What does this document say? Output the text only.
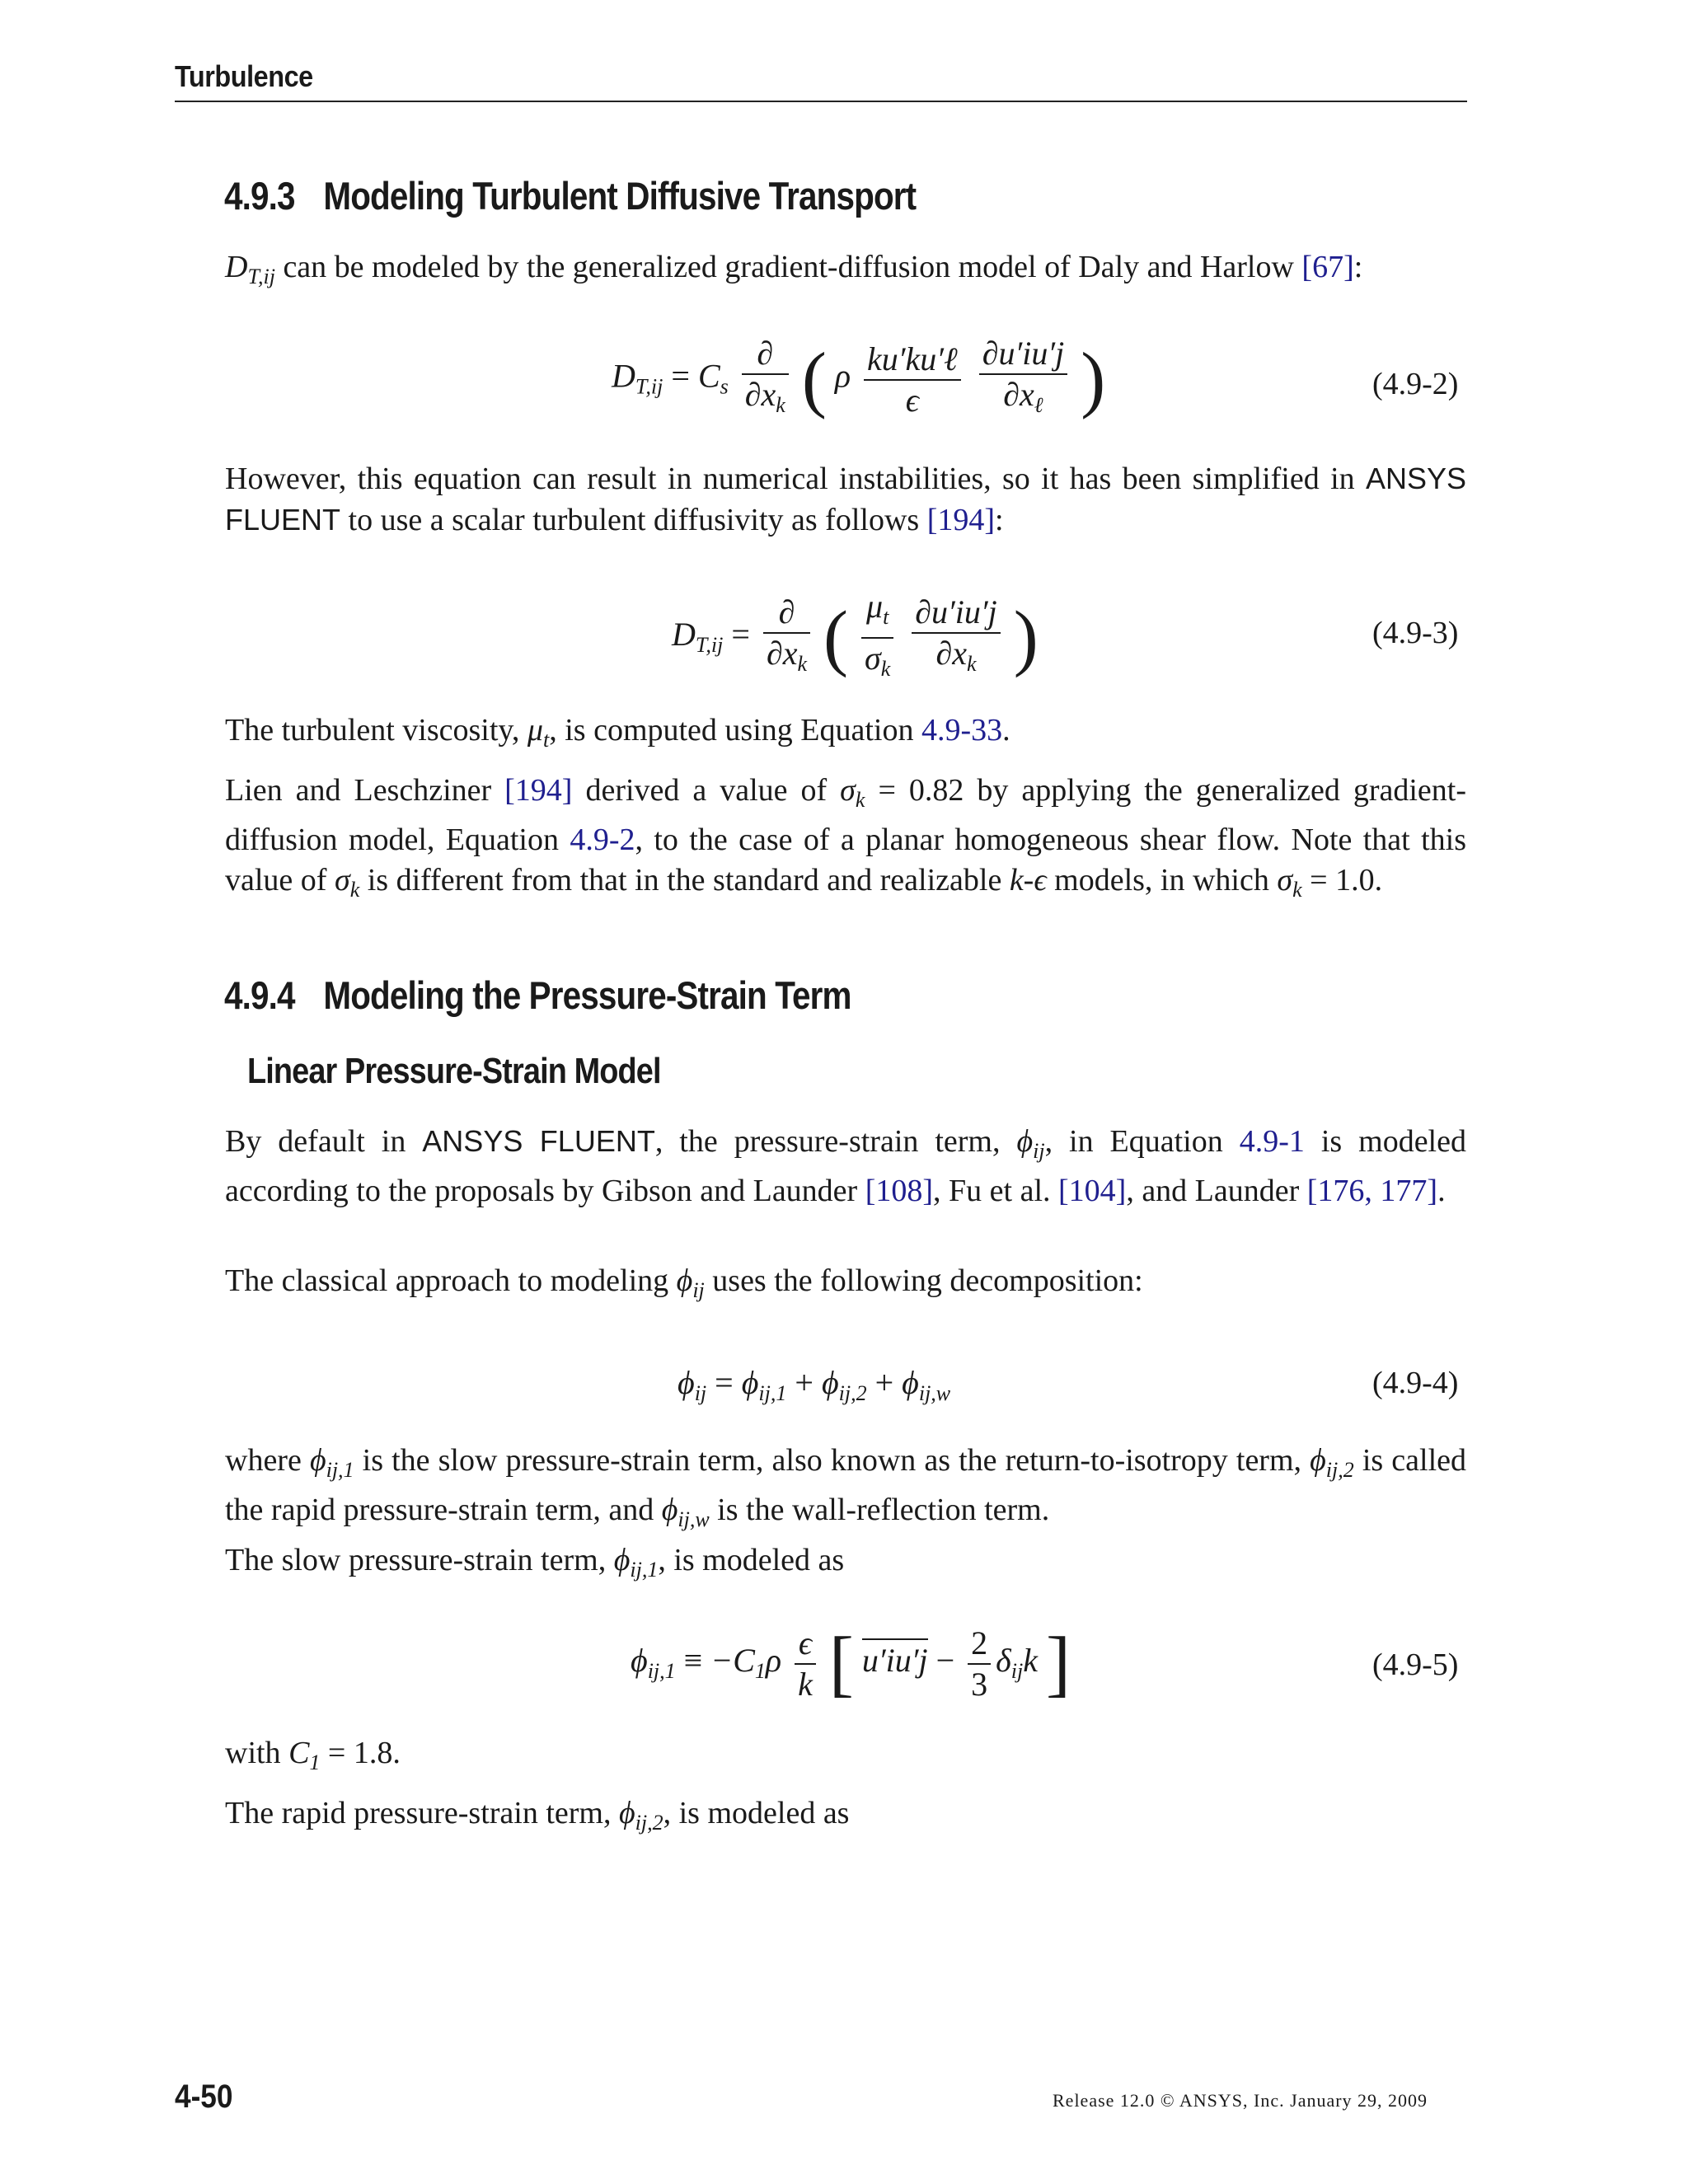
Turbulence
4.9.3 Modeling Turbulent Diffusive Transport
$D_{T,ij}$ can be modeled by the generalized gradient-diffusion model of Daly and Harlow [67]:
$D_{T,ij} = C_s \frac{\partial}{\partial x_k}$ ( ρ $\frac{\text{ku′ku′ℓ}}{\epsilon}$
$\frac{\partial u'iu'j}{\partial x_\ell}$ )	(4.9-2)
However, this equation can result in numerical instabilities, so it has been simplified in ANSYS FLUENT to use a scalar turbulent diffusivity as follows [194]:
$D_{T,ij} = \frac{\partial}{\partial x_k}$ ( $\frac{\mu_t}{\sigma_k}$
$\frac{\partial u'iu'j}{\partial x_k}$ )	(4.9-3)
The turbulent viscosity, $\mu_t$, is computed using Equation 4.9-33.
Lien and Leschziner [194] derived a value of $\sigma_k = 0.82$ by applying the generalized gradient-diffusion model, Equation 4.9-2, to the case of a planar homogeneous shear flow. Note that this value of $\sigma_k$ is different from that in the standard and realizable k-ϵ models, in which $\sigma_k = 1.0$.
4.9.4 Modeling the Pressure-Strain Term
Linear Pressure-Strain Model
By default in ANSYS FLUENT, the pressure-strain term, $\phi_{ij}$, in Equation 4.9-1 is modeled according to the proposals by Gibson and Launder [108], Fu et al. [104], and Launder [176, 177].
The classical approach to modeling $\phi_{ij}$ uses the following decomposition:
$\phi_{ij} = \phi_{ij,1} + \phi_{ij,2} + \phi_{ij,w}$	(4.9-4)
where $\phi_{ij,1}$ is the slow pressure-strain term, also known as the return-to-isotropy term, $\phi_{ij,2}$ is called the rapid pressure-strain term, and $\phi_{ij,w}$ is the wall-reflection term.
The slow pressure-strain term, $\phi_{ij,1}$, is modeled as
$\phi_{ij,1} \equiv -C_1\rho \frac{\epsilon}{k}$ [ $u'iu'j - \frac{2}{3} \delta_{ij}k$ ]	(4.9-5)
with $C_1 = 1.8$.
The rapid pressure-strain term, $\phi_{ij,2}$, is modeled as
4-50	Release 12.0 © ANSYS, Inc. January 29, 2009
